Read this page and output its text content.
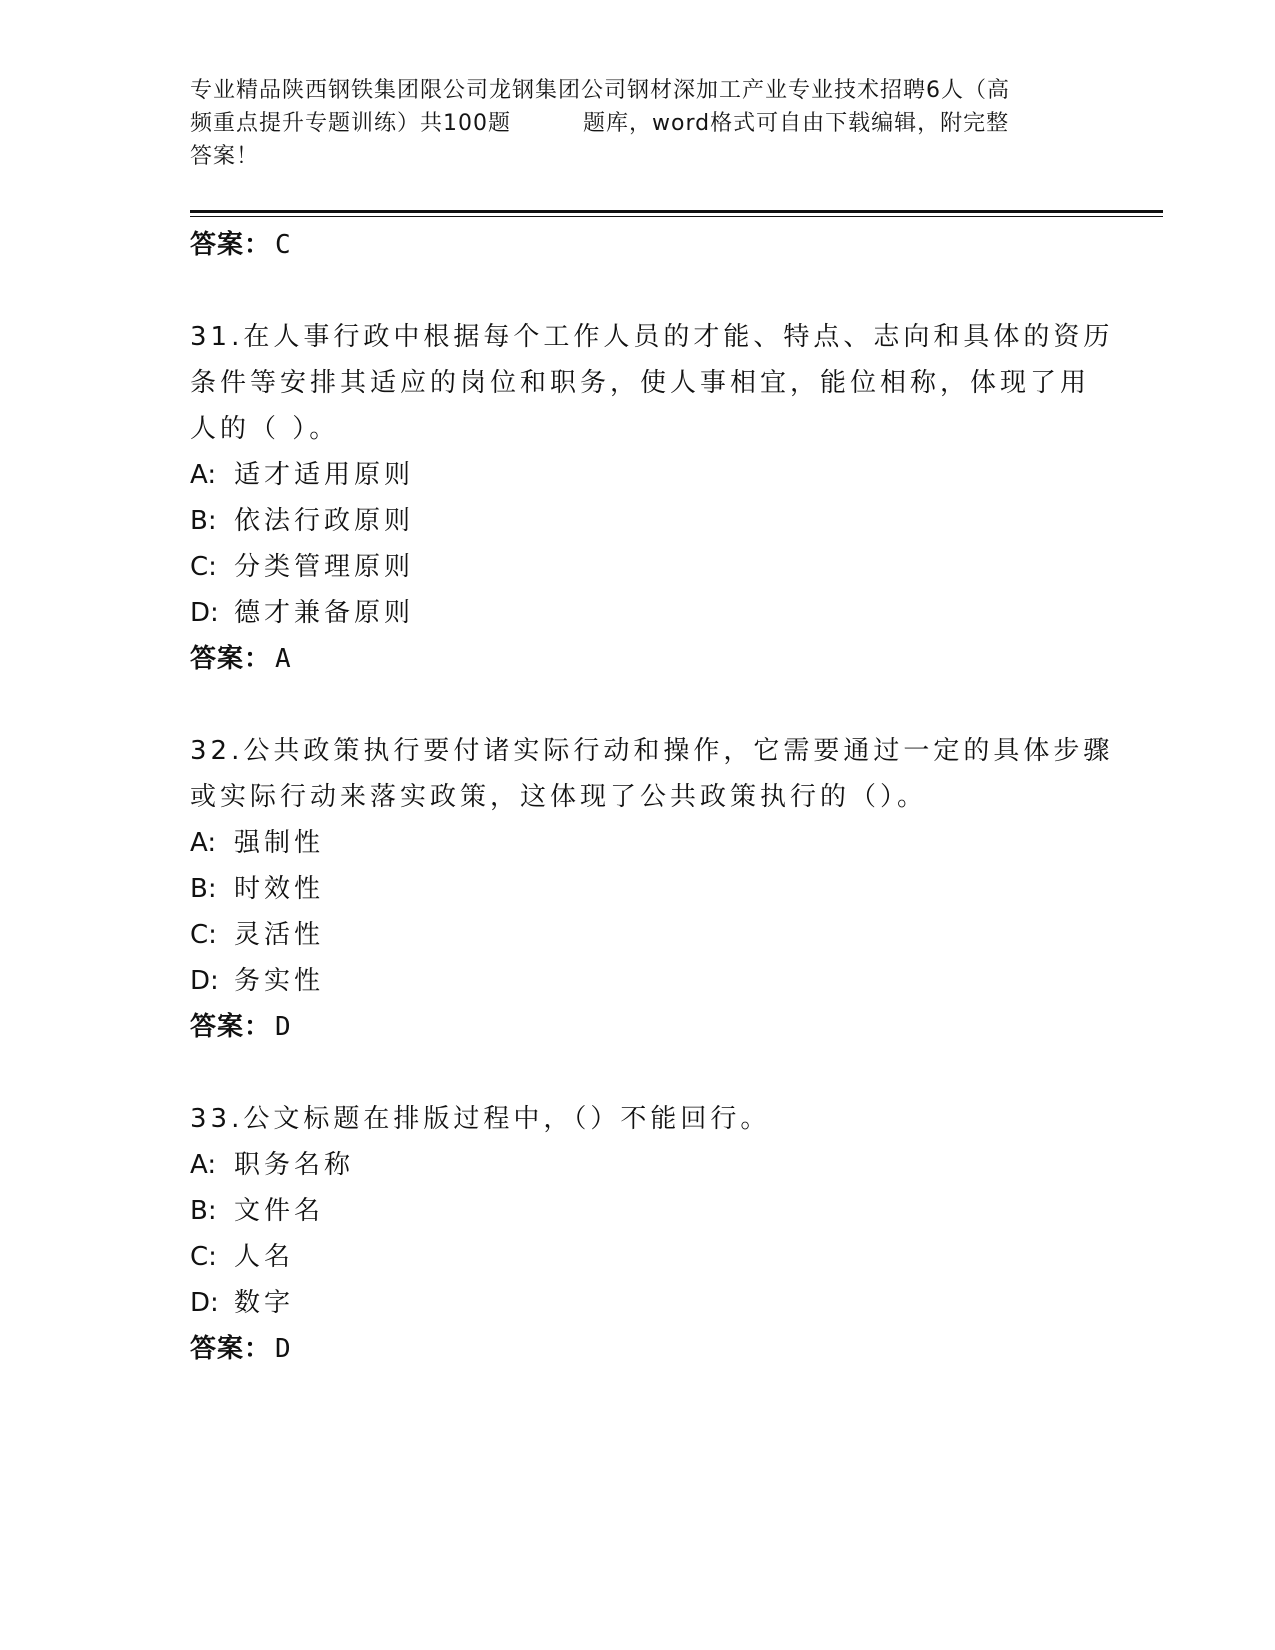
专业精品陕西钢铁集团限公司龙钢集团公司钢材深加工产业专业技术招聘6人（高
频重点提升专题训练）共100题	题库，word格式可自由下载编辑，附完整
答案！
答案： C
31.在人事行政中根据每个工作人员的才能、特点、志向和具体的资历
条件等安排其适应的岗位和职务，使人事相宜，能位相称，体现了用
人的（ ）。
A: 适才适用原则
B: 依法行政原则
C: 分类管理原则
D: 德才兼备原则
答案： A
32.公共政策执行要付诸实际行动和操作，它需要通过一定的具体步骤
或实际行动来落实政策，这体现了公共政策执行的（）。
A: 强制性
B: 时效性
C: 灵活性
D: 务实性
答案： D
33.公文标题在排版过程中，（）不能回行。
A: 职务名称
B: 文件名
C: 人名
D: 数字
答案： D
